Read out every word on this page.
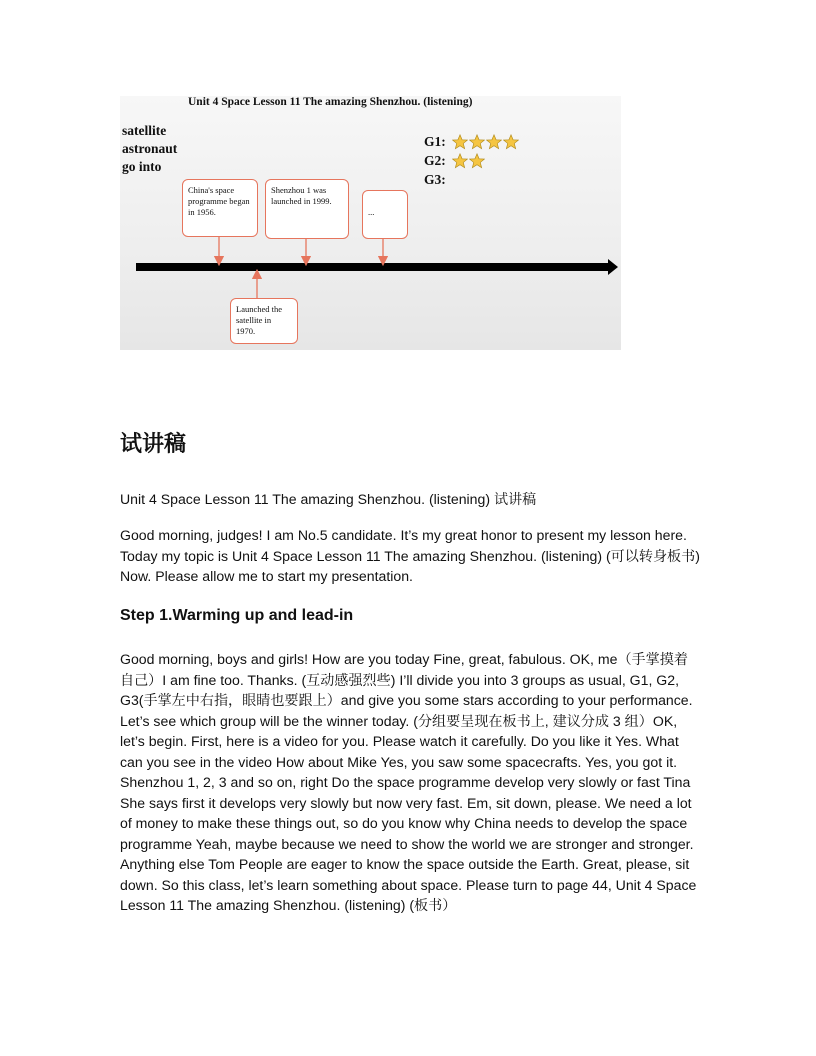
Unit 4 Space Lesson 11 The amazing Shenzhou. (listening)
satellite
astronaut
go into
G1:
G2:
G3:
China's space programme began in 1956.
Shenzhou 1 was launched in 1999.
...
Launched the satellite in 1970.
试讲稿

Unit 4 Space Lesson 11 The amazing Shenzhou. (listening) 试讲稿

Good morning, judges! I am No.5 candidate. It’s my great honor to present my lesson here. Today my topic is Unit 4 Space Lesson 11 The amazing Shenzhou. (listening) (可以转身板书) Now. Please allow me to start my presentation.

Step 1.Warming up and lead-in

Good morning, boys and girls! How are you today Fine, great, fabulous. OK, me（手掌摸着自己）I am fine too. Thanks. (互动感强烈些) I’ll divide you into 3 groups as usual, G1, G2, G3(手掌左中右指，眼睛也要跟上）and give you some stars according to your performance. Let’s see which group will be the winner today. (分组要呈现在板书上, 建议分成 3 组）OK, let’s begin. First, here is a video for you. Please watch it carefully. Do you like it Yes. What can you see in the video How about Mike Yes, you saw some spacecrafts. Yes, you got it. Shenzhou 1, 2, 3 and so on, right Do the space programme develop very slowly or fast Tina She says first it develops very slowly but now very fast. Em, sit down, please. We need a lot of money to make these things out, so do you know why China needs to develop the space programme Yeah, maybe because we need to show the world we are stronger and stronger. Anything else Tom People are eager to know the space outside the Earth. Great, please, sit down. So this class, let’s learn something about space. Please turn to page 44, Unit 4 Space Lesson 11 The amazing Shenzhou. (listening) (板书）
